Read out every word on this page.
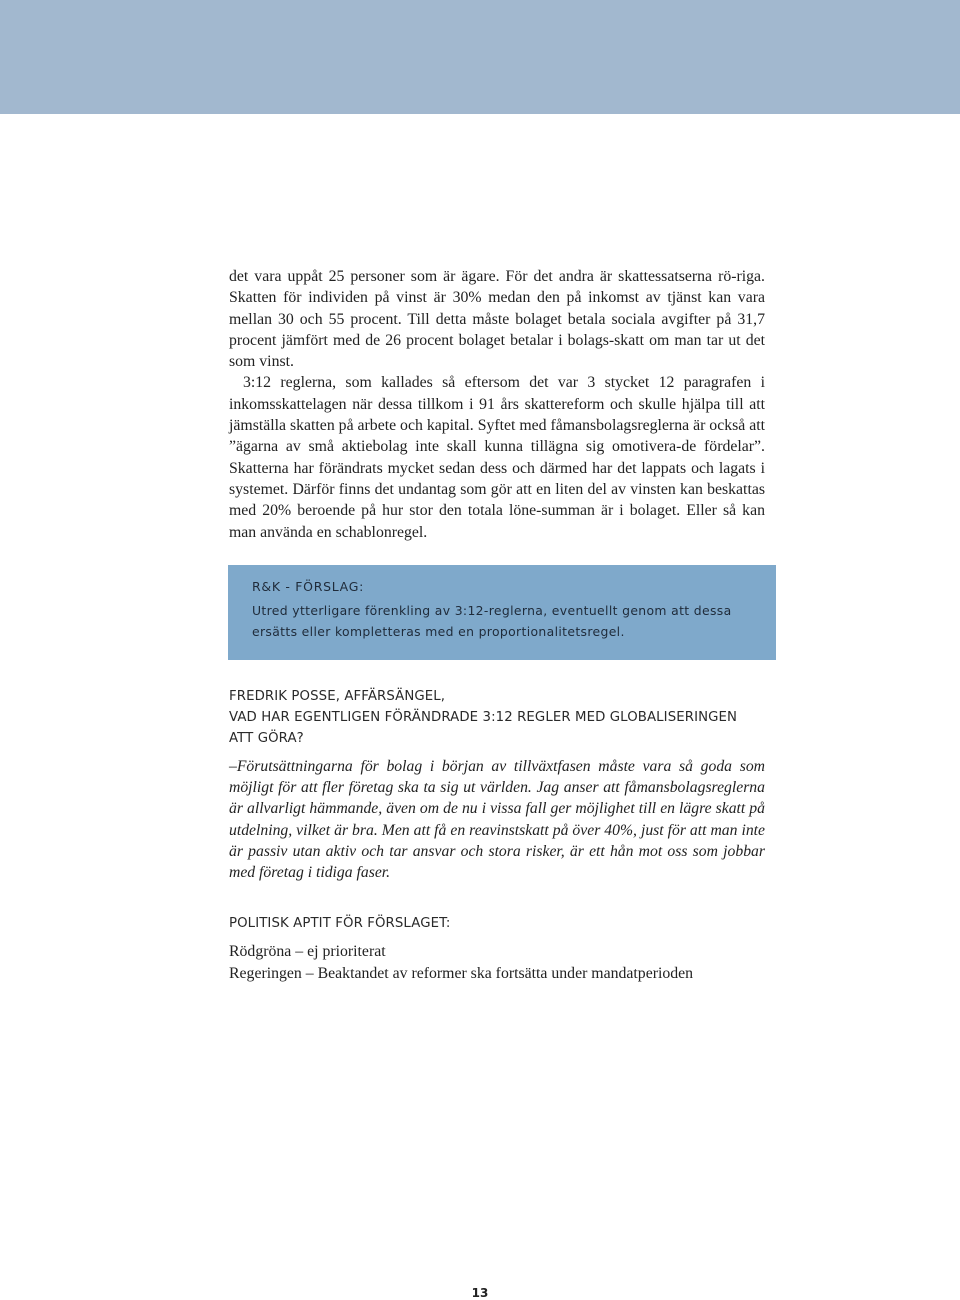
det vara uppåt 25 personer som är ägare. För det andra är skattessatserna rö-riga. Skatten för individen på vinst är 30% medan den på inkomst av tjänst kan vara mellan 30 och 55 procent. Till detta måste bolaget betala sociala avgifter på 31,7 procent jämfört med de 26 procent bolaget betalar i bolags-skatt om man tar ut det som vinst.

3:12 reglerna, som kallades så eftersom det var 3 stycket 12 paragrafen i inkomsskattelagen när dessa tillkom i 91 års skattereform och skulle hjälpa till att jämställa skatten på arbete och kapital. Syftet med fåmansbolagsreglerna är också att ”ägarna av små aktiebolag inte skall kunna tillägna sig omotivera-de fördelar”. Skatterna har förändrats mycket sedan dess och därmed har det lappats och lagats i systemet. Därför finns det undantag som gör att en liten del av vinsten kan beskattas med 20% beroende på hur stor den totala löne-summan är i bolaget. Eller så kan man använda en schablonregel.

R&K - FÖRSLAG:

Utred ytterligare förenkling av 3:12-reglerna, eventuellt genom att dessa ersätts eller kompletteras med en proportionalitetsregel.

FREDRIK POSSE, AFFÄRSÄNGEL,

VAD HAR EGENTLIGEN FÖRÄNDRADE 3:12 REGLER MED GLOBALISERINGEN ATT GÖRA?

–Förutsättningarna för bolag i början av tillväxtfasen måste vara så goda som möjligt för att fler företag ska ta sig ut världen. Jag anser att fåmansbolagsreglerna är allvarligt hämmande, även om de nu i vissa fall ger möjlighet till en lägre skatt på utdelning, vilket är bra. Men att få en reavinstskatt på över 40%, just för att man inte är passiv utan aktiv och tar ansvar och stora risker, är ett hån mot oss som jobbar med företag i tidiga faser.

POLITISK APTIT FÖR FÖRSLAGET:

Rödgröna – ej prioriterat

Regeringen – Beaktandet av reformer ska fortsätta under mandatperioden

13
